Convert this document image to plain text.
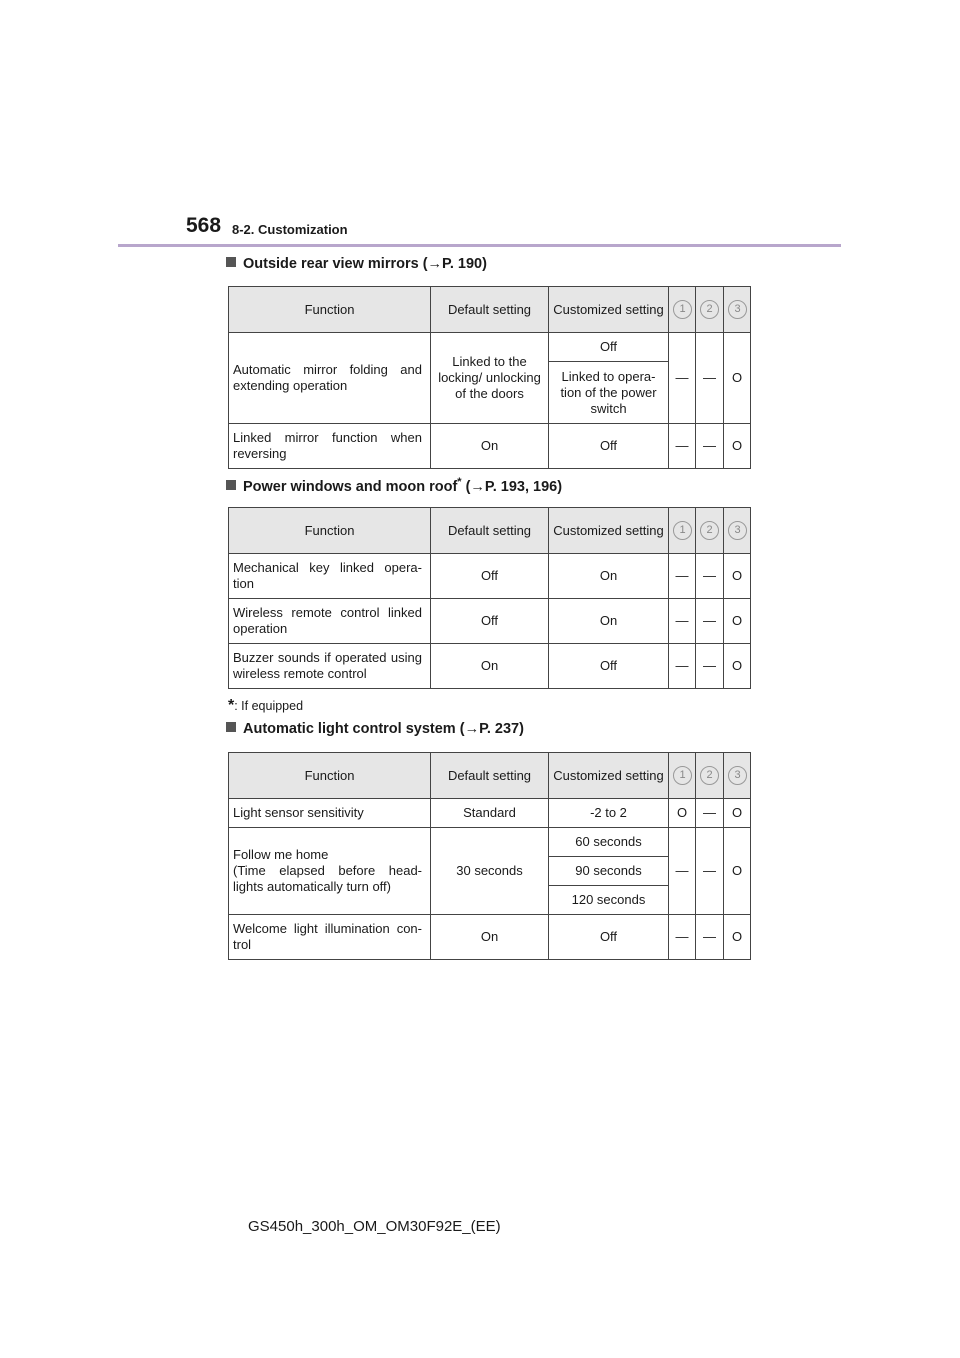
568 8-2. Customization
Outside rear view mirrors (→P. 190)
Function	Default setting	Customized setting	1	2	3
Automatic mirror folding and extending operation	Linked to the locking/ unlocking of the doors	Off	—	—	O
		Linked to opera- tion of the power switch			
Linked mirror function when reversing	On	Off	—	—	O
Power windows and moon roof* (→P. 193, 196)
Function	Default setting	Customized setting	1	2	3
Mechanical key linked opera- tion	Off	On	—	—	O
Wireless remote control linked operation	Off	On	—	—	O
Buzzer sounds if operated using wireless remote control	On	Off	—	—	O
*: If equipped
Automatic light control system (→P. 237)
Function	Default setting	Customized setting	1	2	3
Light sensor sensitivity	Standard	-2 to 2	O	—	O
Follow me home
(Time elapsed before head- lights automatically turn off)	30 seconds	60 seconds	—	—	O
		90 seconds			
		120 seconds			
Welcome light illumination con- trol	On	Off	—	—	O
GS450h_300h_OM_OM30F92E_(EE)
